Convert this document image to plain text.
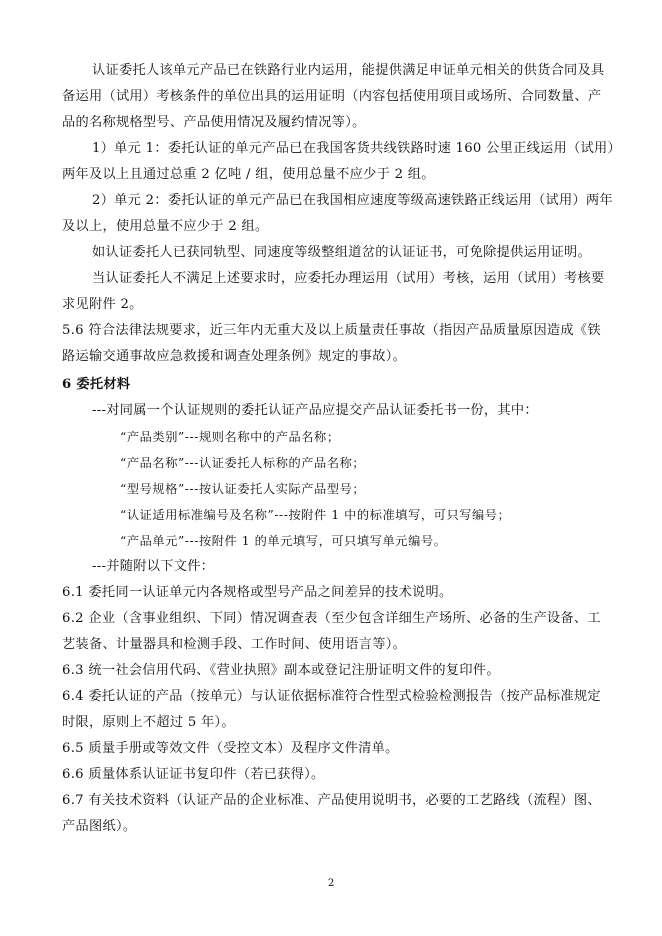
认证委托人该单元产品已在铁路行业内运用，能提供满足申证单元相关的供货合同及具
备运用（试用）考核条件的单位出具的运用证明（内容包括使用项目或场所、合同数量、产
品的名称规格型号、产品使用情况及履约情况等）。
1）单元 1：委托认证的单元产品已在我国客货共线铁路时速 160 公里正线运用（试用）
两年及以上且通过总重 2 亿吨 / 组，使用总量不应少于 2 组。
2）单元 2：委托认证的单元产品已在我国相应速度等级高速铁路正线运用（试用）两年
及以上，使用总量不应少于 2 组。
如认证委托人已获同轨型、同速度等级整组道岔的认证证书，可免除提供运用证明。
当认证委托人不满足上述要求时，应委托办理运用（试用）考核，运用（试用）考核要
求见附件 2。
5.6 符合法律法规要求，近三年内无重大及以上质量责任事故（指因产品质量原因造成《铁
路运输交通事故应急救援和调查处理条例》规定的事故）。
6 委托材料
---对同属一个认证规则的委托认证产品应提交产品认证委托书一份，其中：
“产品类别”---规则名称中的产品名称；
“产品名称”---认证委托人标称的产品名称；
“型号规格”---按认证委托人实际产品型号；
“认证适用标准编号及名称”---按附件 1 中的标准填写，可只写编号；
“产品单元”---按附件 1 的单元填写，可只填写单元编号。
---并随附以下文件：
6.1 委托同一认证单元内各规格或型号产品之间差异的技术说明。
6.2 企业（含事业组织、下同）情况调查表（至少包含详细生产场所、必备的生产设备、工
艺装备、计量器具和检测手段、工作时间、使用语言等）。
6.3 统一社会信用代码、《营业执照》副本或登记注册证明文件的复印件。
6.4 委托认证的产品（按单元）与认证依据标准符合性型式检验检测报告（按产品标准规定
时限，原则上不超过 5 年）。
6.5 质量手册或等效文件（受控文本）及程序文件清单。
6.6 质量体系认证证书复印件（若已获得）。
6.7 有关技术资料（认证产品的企业标准、产品使用说明书，必要的工艺路线（流程）图、
产品图纸）。
2
